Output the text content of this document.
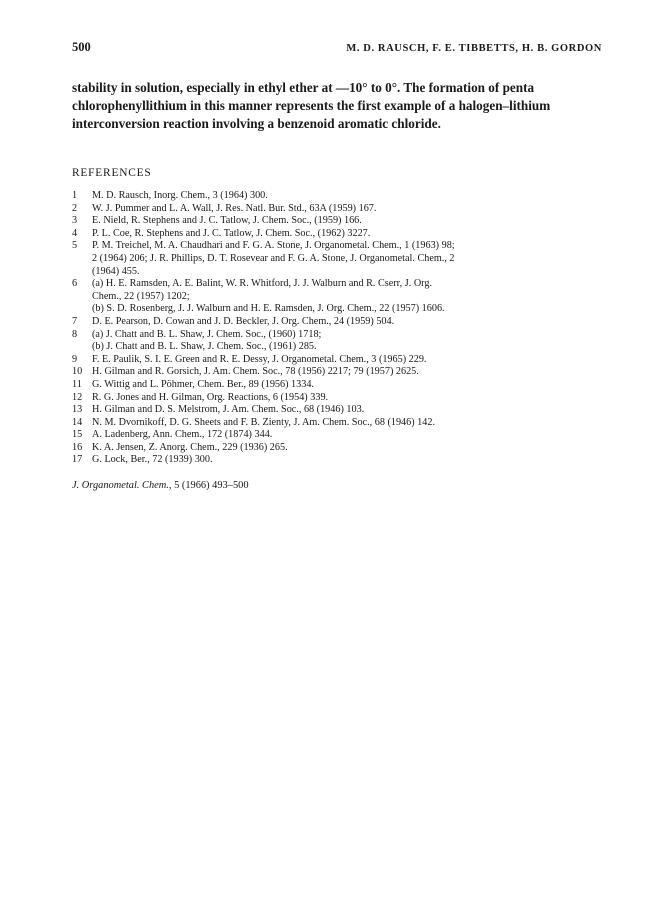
500	M. D. RAUSCH, F. E. TIBBETTS, H. B. GORDON
stability in solution, especially in ethyl ether at —10° to 0°. The formation of penta
chlorophenyllithium in this manner represents the first example of a halogen–lithium
interconversion reaction involving a benzenoid aromatic chloride.
REFERENCES
1	M. D. Rausch, Inorg. Chem., 3 (1964) 300.
2	W. J. Pummer and L. A. Wall, J. Res. Natl. Bur. Std., 63A (1959) 167.
3	E. Nield, R. Stephens and J. C. Tatlow, J. Chem. Soc., (1959) 166.
4	P. L. Coe, R. Stephens and J. C. Tatlow, J. Chem. Soc., (1962) 3227.
5	P. M. Treichel, M. A. Chaudhari and F. G. A. Stone, J. Organometal. Chem., 1 (1963) 98;
2 (1964) 206; J. R. Phillips, D. T. Rosevear and F. G. A. Stone, J. Organometal. Chem., 2
(1964) 455.
6	(a) H. E. Ramsden, A. E. Balint, W. R. Whitford, J. J. Walburn and R. Cserr, J. Org.
Chem., 22 (1957) 1202;
(b) S. D. Rosenberg, J. J. Walburn and H. E. Ramsden, J. Org. Chem., 22 (1957) 1606.
7	D. E. Pearson, D. Cowan and J. D. Beckler, J. Org. Chem., 24 (1959) 504.
8	(a) J. Chatt and B. L. Shaw, J. Chem. Soc., (1960) 1718;
(b) J. Chatt and B. L. Shaw, J. Chem. Soc., (1961) 285.
9	F. E. Paulik, S. I. E. Green and R. E. Dessy, J. Organometal. Chem., 3 (1965) 229.
10 H. Gilman and R. Gorsich, J. Am. Chem. Soc., 78 (1956) 2217; 79 (1957) 2625.
11 G. Wittig and L. Pöhmer, Chem. Ber., 89 (1956) 1334.
12 R. G. Jones and H. Gilman, Org. Reactions, 6 (1954) 339.
13 H. Gilman and D. S. Melstrom, J. Am. Chem. Soc., 68 (1946) 103.
14 N. M. Dvornikoff, D. G. Sheets and F. B. Zienty, J. Am. Chem. Soc., 68 (1946) 142.
15 A. Ladenberg, Ann. Chem., 172 (1874) 344.
16 K. A. Jensen, Z. Anorg. Chem., 229 (1936) 265.
17 G. Lock, Ber., 72 (1939) 300.
J. Organometal. Chem., 5 (1966) 493–500
